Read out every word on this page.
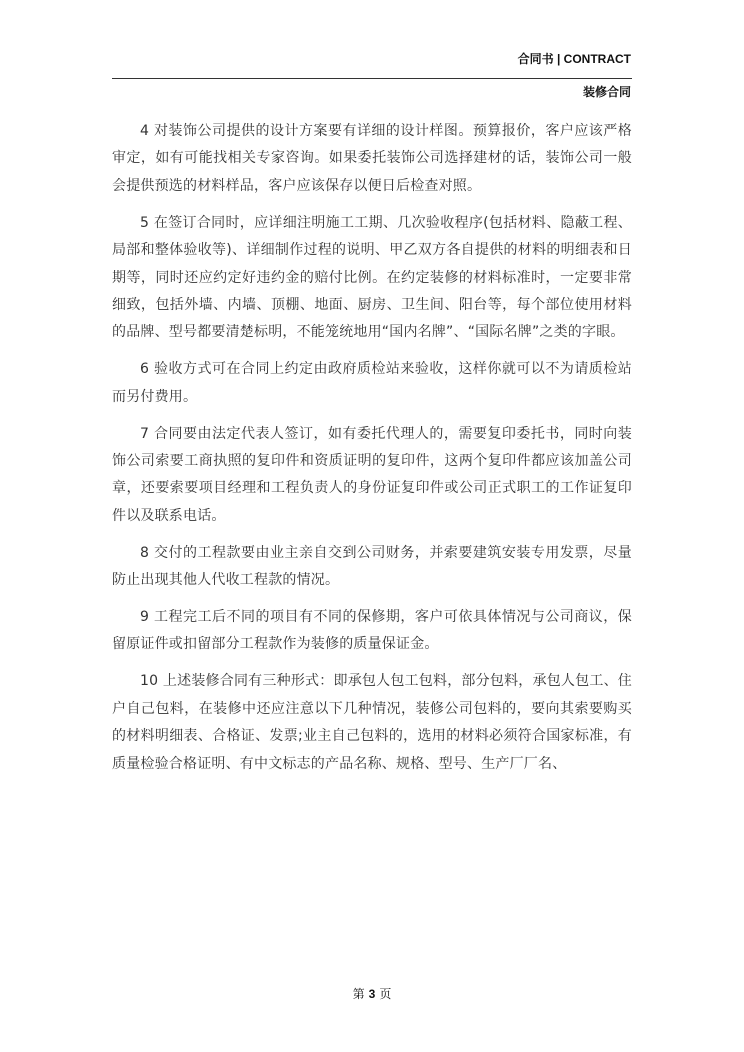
合同书 | CONTRACT
装修合同

4 对装饰公司提供的设计方案要有详细的设计样图。预算报价，客户应该严格审定，如有可能找相关专家咨询。如果委托装饰公司选择建材的话，装饰公司一般会提供预选的材料样品，客户应该保存以便日后检查对照。

5 在签订合同时，应详细注明施工工期、几次验收程序(包括材料、隐蔽工程、局部和整体验收等)、详细制作过程的说明、甲乙双方各自提供的材料的明细表和日期等，同时还应约定好违约金的赔付比例。在约定装修的材料标准时，一定要非常细致，包括外墙、内墙、顶棚、地面、厨房、卫生间、阳台等，每个部位使用材料的品牌、型号都要清楚标明，不能笼统地用“国内名牌”、“国际名牌”之类的字眼。

6 验收方式可在合同上约定由政府质检站来验收，这样你就可以不为请质检站而另付费用。

7 合同要由法定代表人签订，如有委托代理人的，需要复印委托书，同时向装饰公司索要工商执照的复印件和资质证明的复印件，这两个复印件都应该加盖公司章，还要索要项目经理和工程负责人的身份证复印件或公司正式职工的工作证复印件以及联系电话。

8 交付的工程款要由业主亲自交到公司财务，并索要建筑安装专用发票，尽量防止出现其他人代收工程款的情况。

9 工程完工后不同的项目有不同的保修期，客户可依具体情况与公司商议，保留原证件或扣留部分工程款作为装修的质量保证金。

10 上述装修合同有三种形式：即承包人包工包料，部分包料，承包人包工、住户自己包料，在装修中还应注意以下几种情况，装修公司包料的，要向其索要购买的材料明细表、合格证、发票;业主自己包料的，选用的材料必须符合国家标准，有质量检验合格证明、有中文标志的产品名称、规格、型号、生产厂厂名、

第 3 页
